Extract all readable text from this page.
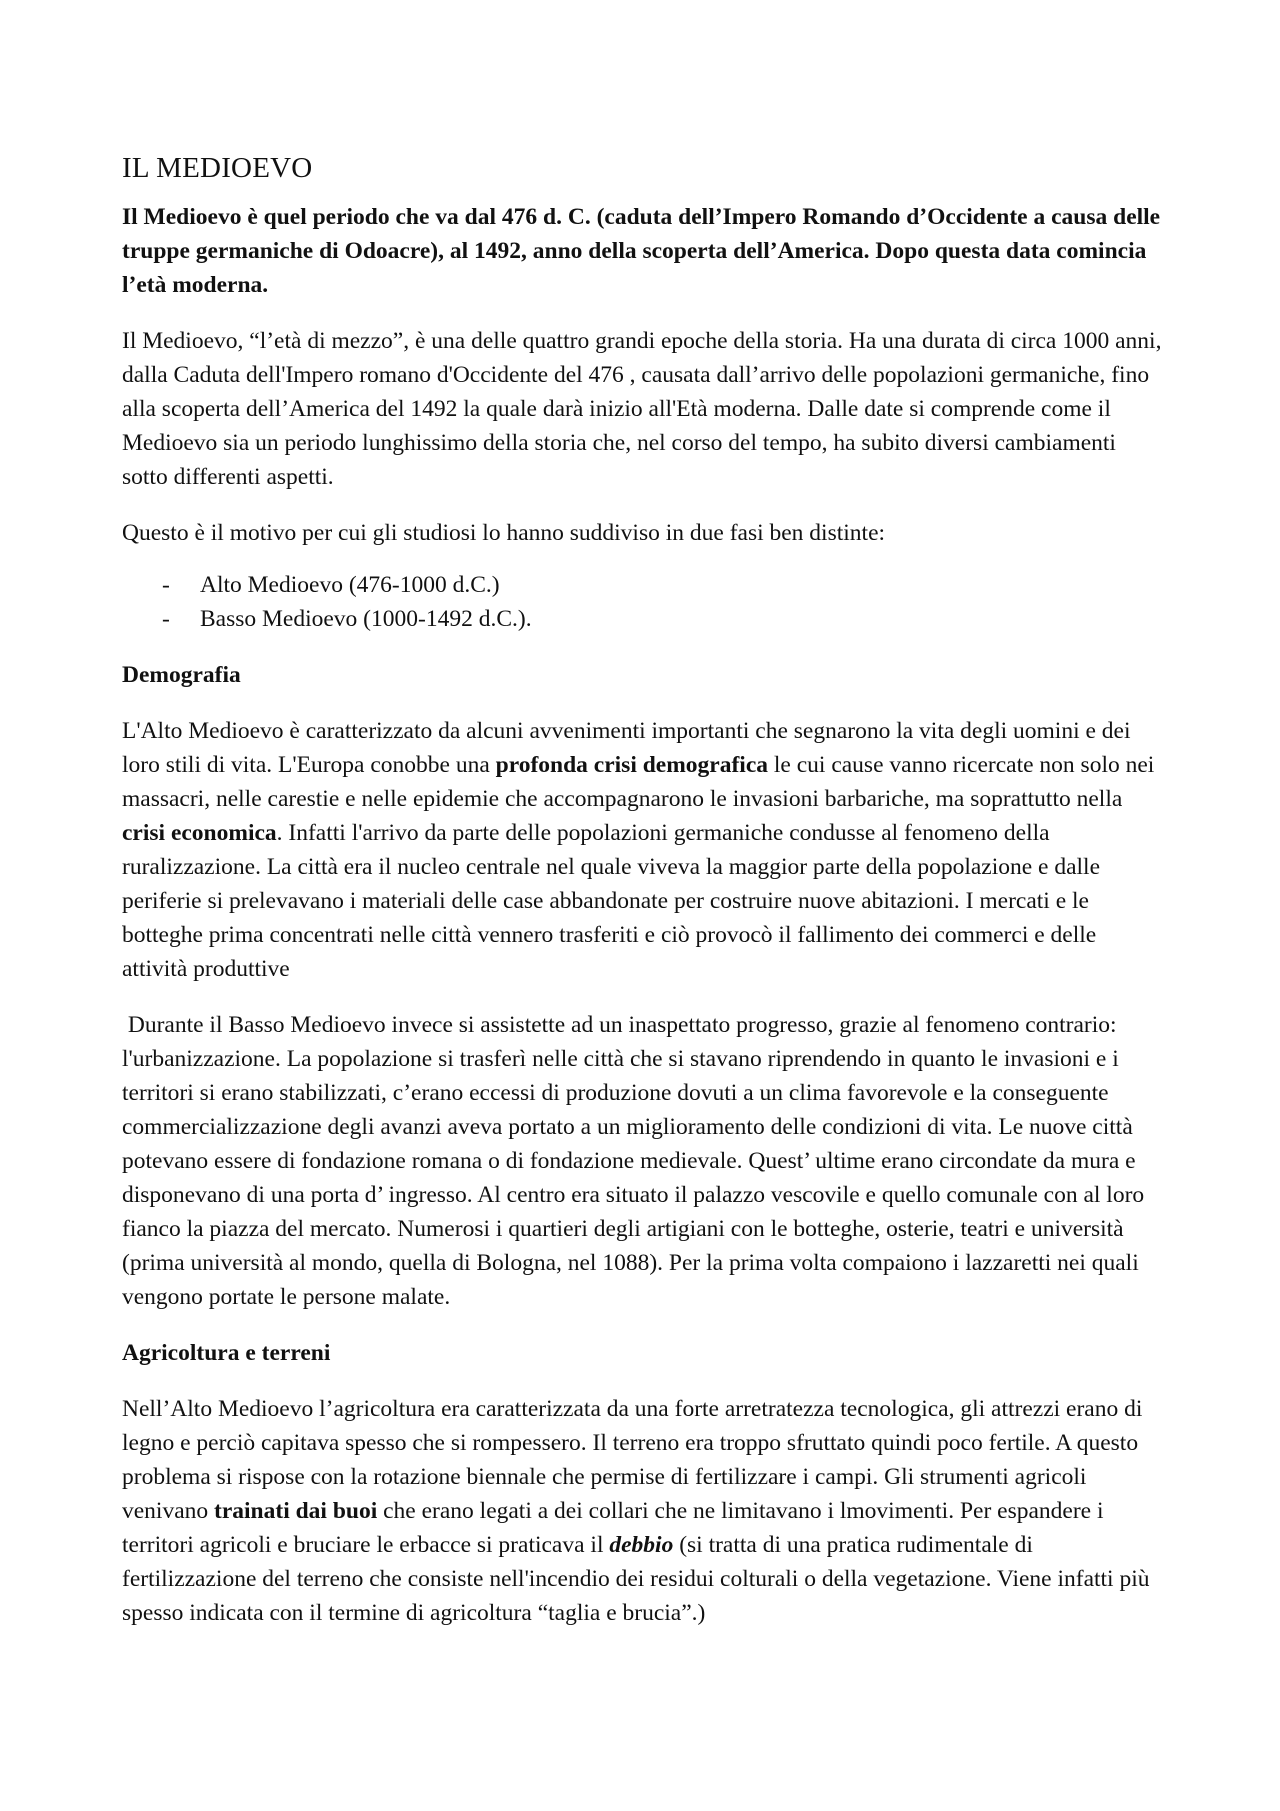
IL MEDIOEVO

Il Medioevo è quel periodo che va dal 476 d. C. (caduta dell’Impero Romando d’Occidente a causa delle truppe germaniche di Odoacre), al 1492, anno della scoperta dell’America. Dopo questa data comincia l’età moderna.

Il Medioevo, “l’età di mezzo”, è una delle quattro grandi epoche della storia. Ha una durata di circa 1000 anni, dalla Caduta dell'Impero romano d'Occidente del 476 , causata dall’arrivo delle popolazioni germaniche, fino alla scoperta dell’America del 1492 la quale darà inizio all'Età moderna. Dalle date si comprende come il Medioevo sia un periodo lunghissimo della storia che, nel corso del tempo, ha subito diversi cambiamenti sotto differenti aspetti.

Questo è il motivo per cui gli studiosi lo hanno suddiviso in due fasi ben distinte:

- Alto Medioevo (476-1000 d.C.)
- Basso Medioevo (1000-1492 d.C.).
Demografia

L'Alto Medioevo è caratterizzato da alcuni avvenimenti importanti che segnarono la vita degli uomini e dei loro stili di vita. L'Europa conobbe una profonda crisi demografica le cui cause vanno ricercate non solo nei massacri, nelle carestie e nelle epidemie che accompagnarono le invasioni barbariche, ma soprattutto nella crisi economica. Infatti l'arrivo da parte delle popolazioni germaniche condusse al fenomeno della ruralizzazione. La città era il nucleo centrale nel quale viveva la maggior parte della popolazione e dalle periferie si prelevavano i materiali delle case abbandonate per costruire nuove abitazioni. I mercati e le botteghe prima concentrati nelle città vennero trasferiti e ciò provocò il fallimento dei commerci e delle attività produttive

Durante il Basso Medioevo invece si assistette ad un inaspettato progresso, grazie al fenomeno contrario: l'urbanizzazione. La popolazione si trasferì nelle città che si stavano riprendendo in quanto le invasioni e i territori si erano stabilizzati, c’erano eccessi di produzione dovuti a un clima favorevole e la conseguente commercializzazione degli avanzi aveva portato a un miglioramento delle condizioni di vita. Le nuove città potevano essere di fondazione romana o di fondazione medievale. Quest’ ultime erano circondate da mura e disponevano di una porta d’ ingresso. Al centro era situato il palazzo vescovile e quello comunale con al loro fianco la piazza del mercato. Numerosi i quartieri degli artigiani con le botteghe, osterie, teatri e università (prima università al mondo, quella di Bologna, nel 1088). Per la prima volta compaiono i lazzaretti nei quali vengono portate le persone malate.

Agricoltura e terreni

Nell’Alto Medioevo l’agricoltura era caratterizzata da una forte arretratezza tecnologica, gli attrezzi erano di legno e perciò capitava spesso che si rompessero. Il terreno era troppo sfruttato quindi poco fertile. A questo problema si rispose con la rotazione biennale che permise di fertilizzare i campi. Gli strumenti agricoli venivano trainati dai buoi che erano legati a dei collari che ne limitavano i lmovimenti. Per espandere i territori agricoli e bruciare le erbacce si praticava il debbio (si tratta di una pratica rudimentale di fertilizzazione del terreno che consiste nell'incendio dei residui colturali o della vegetazione. Viene infatti più spesso indicata con il termine di agricoltura “taglia e brucia”.)
